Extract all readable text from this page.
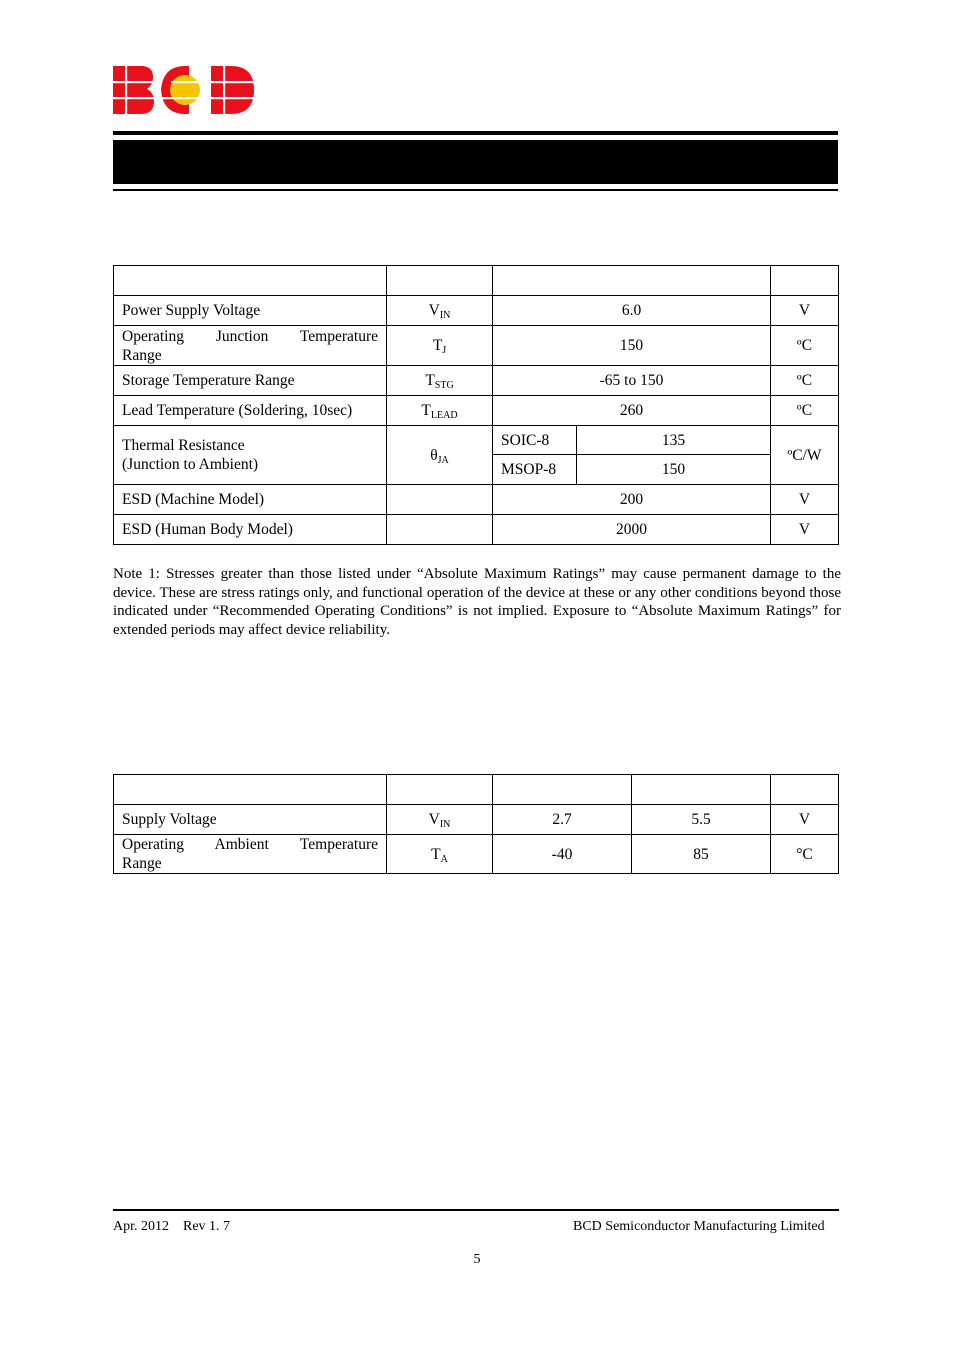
Power Supply Voltage	$V_{IN}$	6.0		V

Operating Junction Temperature
Range	$T_J$	150		ºC
Storage Temperature Range	$T_{STG}$	-65 to 150		ºC
Lead Temperature (Soldering, 10sec)	$T_{LEAD}$	260		ºC

Thermal Resistance
(Junction to Ambient)	$\theta_{JA}$	SOIC-8	135	ºC/W
		MSOP-8	150	
ESD (Machine Model)		200		V
ESD (Human Body Model)		2000		V
Note 1: Stresses greater than those listed under “Absolute Maximum Ratings” may cause permanent damage to the device. These are stress ratings only, and functional operation of the device at these or any other conditions beyond those indicated under “Recommended Operating Conditions” is not implied. Exposure to “Absolute Maximum Ratings” for extended periods may affect device reliability.

Supply Voltage	$V_{IN}$	2.7	5.5	V

Operating Ambient Temperature
Range	$T_A$	-40	85	°C
Apr. 2012 Rev 1. 7	BCD Semiconductor Manufacturing Limited
5
